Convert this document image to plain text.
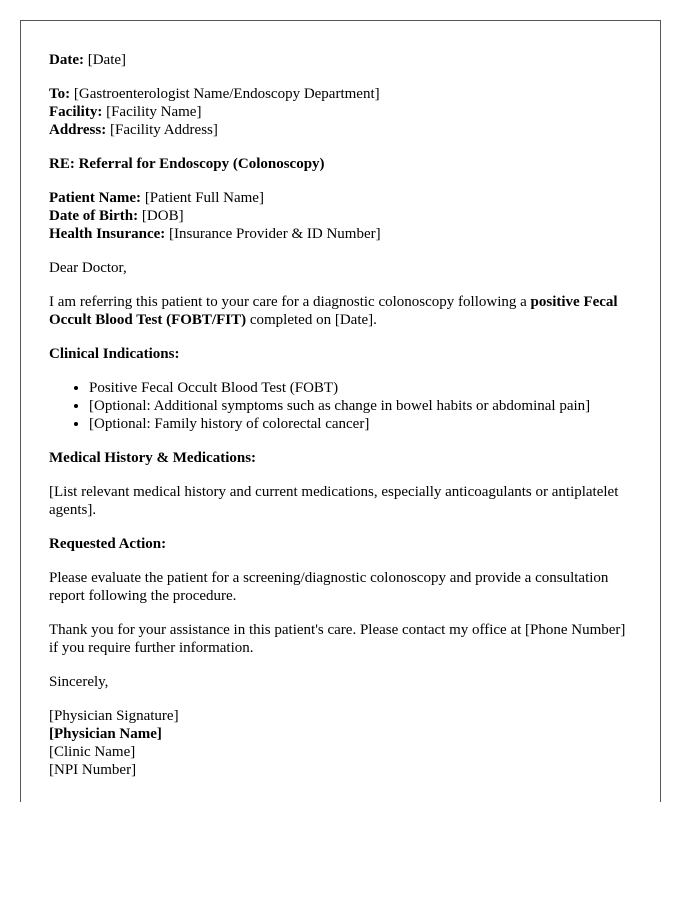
Date: [Date]

To: [Gastroenterologist Name/Endoscopy Department]
Facility: [Facility Name]
Address: [Facility Address]

RE: Referral for Endoscopy (Colonoscopy)

Patient Name: [Patient Full Name]
Date of Birth: [DOB]
Health Insurance: [Insurance Provider & ID Number]

Dear Doctor,

I am referring this patient to your care for a diagnostic colonoscopy following a positive Fecal Occult Blood Test (FOBT/FIT) completed on [Date].

Clinical Indications:

• Positive Fecal Occult Blood Test (FOBT)
• [Optional: Additional symptoms such as change in bowel habits or abdominal pain]
• [Optional: Family history of colorectal cancer]

Medical History & Medications:

[List relevant medical history and current medications, especially anticoagulants or antiplatelet agents].

Requested Action:

Please evaluate the patient for a screening/diagnostic colonoscopy and provide a consultation report following the procedure.

Thank you for your assistance in this patient's care. Please contact my office at [Phone Number] if you require further information.

Sincerely,

[Physician Signature]
[Physician Name]
[Clinic Name]
[NPI Number]
